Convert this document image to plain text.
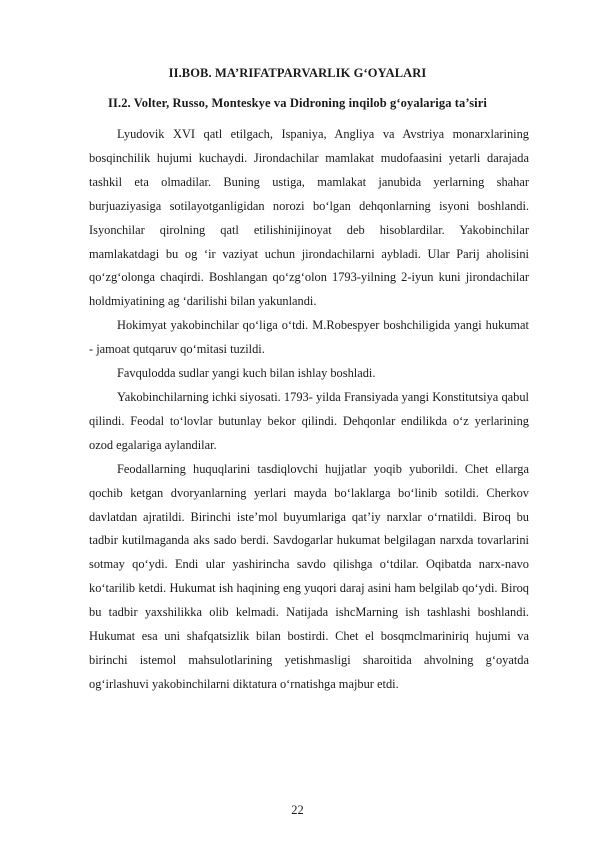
II.BOB. MA’RIFATPARVARLIK G‘OYALARI
II.2. Volter, Russo, Monteskye va Didroning inqilob g‘oyalariga ta’siri

Lyudovik XVI qatl etilgach, Ispaniya, Angliya va Avstriya monarxlarining bosqinchilik hujumi kuchaydi. Jirondachilar mamlakat mudofaasini yetarli darajada tashkil eta olmadilar. Buning ustiga, mamlakat janubida yerlarning shahar burjuaziyasiga sotilayotganligidan norozi bo‘lgan dehqonlarning isyoni boshlandi. Isyonchilar qirolning qatl etilishinijinoyat deb hisoblardilar. Yakobinchilar mamlakatdagi bu og ‘ir vaziyat uchun jirondachilarni aybladi. Ular Parij aholisini qo‘zg‘olonga chaqirdi. Boshlangan qo‘zg‘olon 1793-yilning 2-iyun kuni jirondachilar holdmiyatining ag ‘darilishi bilan yakunlandi.

Hokimyat yakobinchilar qo‘liga o‘tdi. M.Robespyer boshchiligida yangi hukumat - jamoat qutqaruv qo‘mitasi tuzildi.

Favqulodda sudlar yangi kuch bilan ishlay boshladi.

Yakobinchilarning ichki siyosati. 1793- yilda Fransiyada yangi Konstitutsiya qabul qilindi. Feodal to‘lovlar butunlay bekor qilindi. Dehqonlar endilikda o‘z yerlarining ozod egalariga aylandilar.

Feodallarning huquqlarini tasdiqlovchi hujjatlar yoqib yuborildi. Chet ellarga qochib ketgan dvoryanlarning yerlari mayda bo‘laklarga bo‘linib sotildi. Cherkov davlatdan ajratildi. Birinchi iste’mol buyumlariga qat’iy narxlar o‘rnatildi. Biroq bu tadbir kutilmaganda aks sado berdi. Savdogarlar hukumat belgilagan narxda tovarlarini sotmay qo‘ydi. Endi ular yashirincha savdo qilishga o‘tdilar. Oqibatda narx-navo ko‘tarilib ketdi. Hukumat ish haqining eng yuqori daraj asini ham belgilab qo‘ydi. Biroq bu tadbir yaxshilikka olib kelmadi. Natijada ishcMarning ish tashlashi boshlandi. Hukumat esa uni shafqatsizlik bilan bostirdi. Chet el bosqmclmariniriq hujumi va birinchi istemol mahsulotlarining yetishmasligi sharoitida ahvolning g‘oyatda og‘irlashuvi yakobinchilarni diktatura o‘rnatishga majbur etdi.

22
